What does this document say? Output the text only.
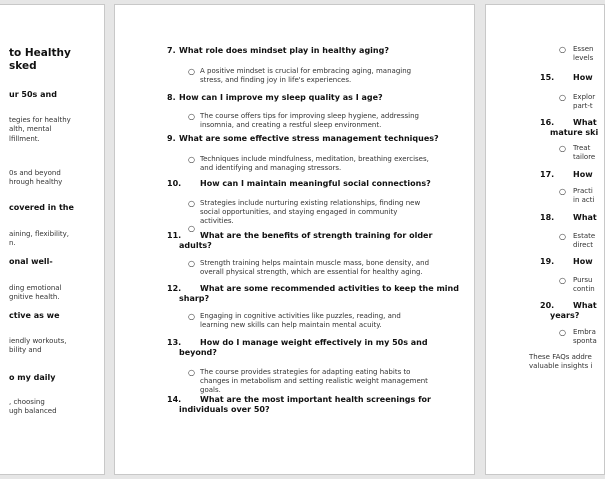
to Healthy
sked
ur 50s and
tegies for healthy
alth, mental
lfillment.
0s and beyond
hrough healthy
covered in the
aining, flexibility,
n.
onal well-
ding emotional
gnitive health.
ctive as we
iendly workouts,
bility and
o my daily
, choosing
ugh balanced
7. What role does mindset play in healthy aging?
○ A positive mindset is crucial for embracing aging, managing
stress, and finding joy in life's experiences.
8. How can I improve my sleep quality as I age?
○ The course offers tips for improving sleep hygiene, addressing
insomnia, and creating a restful sleep environment.
9. What are some effective stress management techniques?
○ Techniques include mindfulness, meditation, breathing exercises,
and identifying and managing stressors.
10. How can I maintain meaningful social connections?
○ Strategies include nurturing existing relationships, finding new
social opportunities, and staying engaged in community
activities.
○
11. What are the benefits of strength training for older
adults?
○ Strength training helps maintain muscle mass, bone density, and
overall physical strength, which are essential for healthy aging.
12. What are some recommended activities to keep the mind
sharp?
○ Engaging in cognitive activities like puzzles, reading, and
learning new skills can help maintain mental acuity.
13. How do I manage weight effectively in my 50s and
beyond?
○ The course provides strategies for adapting eating habits to
changes in metabolism and setting realistic weight management
goals.
14. What are the most important health screenings for
individuals over 50?
○ Essen
levels
15. How
○ Explor
part-t
16. What
mature ski
○ Treat
tailore
17. How
○ Practi
in acti
18. What
○ Estate
direct
19. How
○ Pursu
contin
20. What
years?
○ Embra
sponta
These FAQs addre
valuable insights i
